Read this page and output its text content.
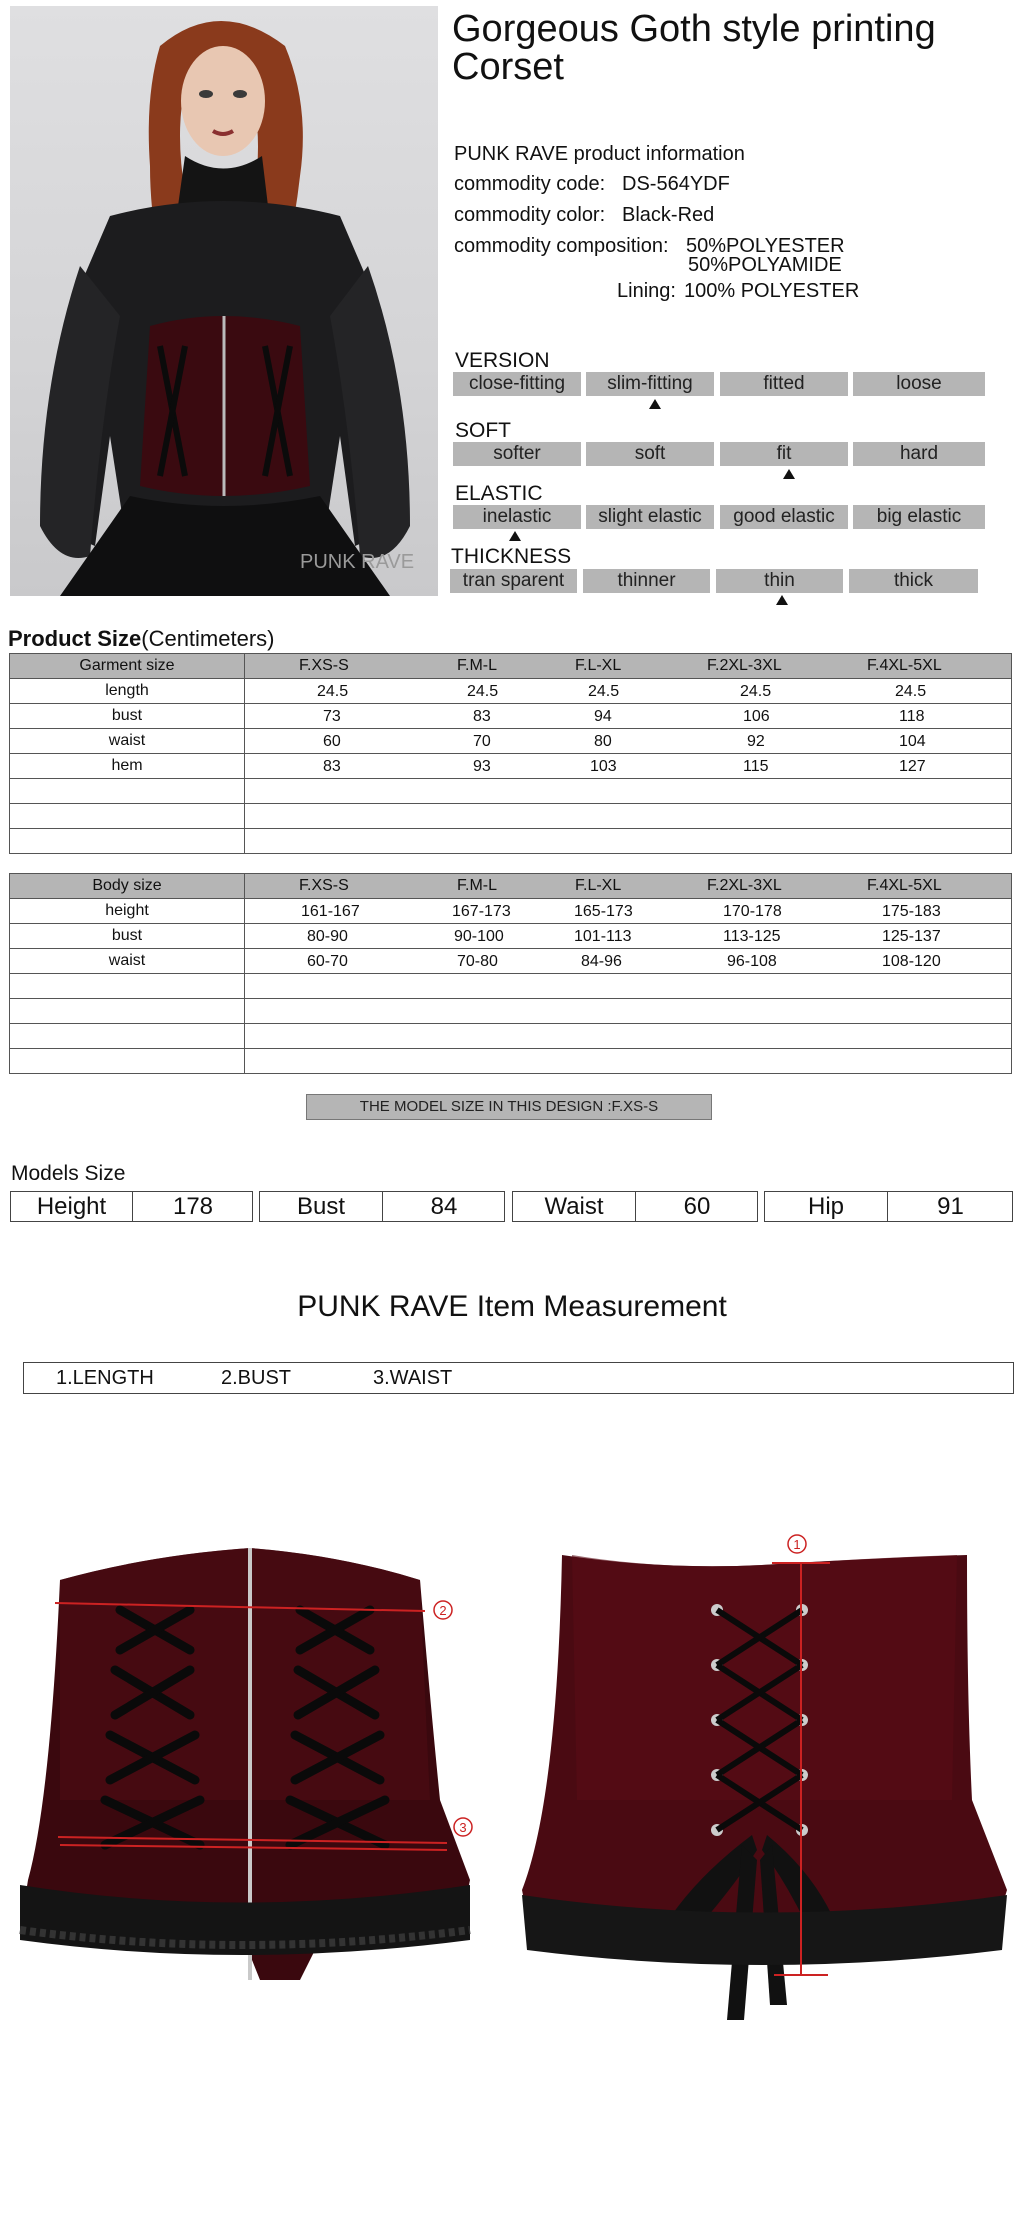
PUNK RAVE
Gorgeous Goth style printing Corset
PUNK RAVE product information
commodity code: DS-564YDF
commodity color: Black-Red
commodity composition: 50%POLYESTER
50%POLYAMIDE
Lining: 100% POLYESTER
VERSION
close-fitting	slim-fitting	fitted	loose
SOFT
softer	soft	fit	hard
ELASTIC
inelastic	slight elastic	good elastic	big elastic
THICKNESS
tran sparent	thinner	thin	thick
Product Size(Centimeters)
Garment size	F.XS-S F.M-L F.L-XL F.2XL-3XL F.4XL-5XL

length	24.5 24.5 24.5 24.5 24.5

bust	73 83 94 106 118

waist	60 70 80 92 104

hem	83 93 103 115 127

Body size	F.XS-S F.M-L F.L-XL F.2XL-3XL F.4XL-5XL

height	161-167 167-173 165-173 170-178 175-183

bust	80-90 90-100 101-113 113-125 125-137

waist	60-70 70-80 84-96 96-108 108-120

THE MODEL SIZE IN THIS DESIGN :F.XS-S
Models Size
Height	178	Bust	84	Waist	60	Hip	91
PUNK RAVE Item Measurement
1.LENGTH	2.BUST	3.WAIST
2
3
1
